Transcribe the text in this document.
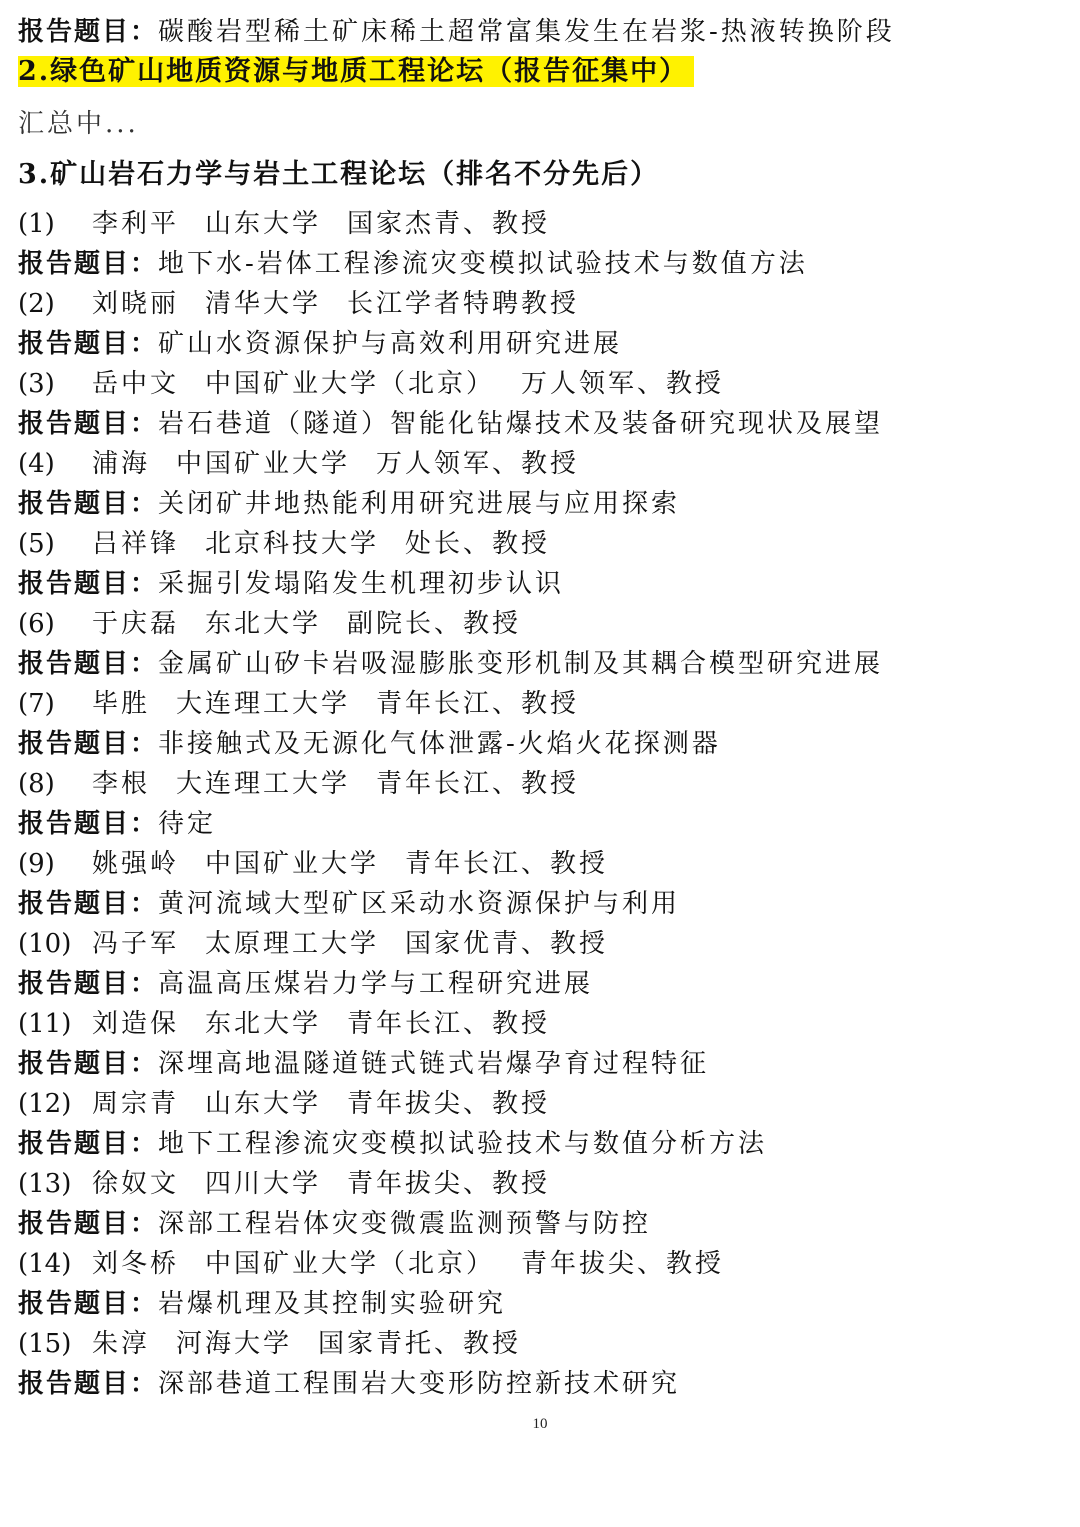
报告题目：碳酸岩型稀土矿床稀土超常富集发生在岩浆-热液转换阶段
2.绿色矿山地质资源与地质工程论坛（报告征集中）
汇总中...
3.矿山岩石力学与岩土工程论坛（排名不分先后）
(1) 李利平 山东大学 国家杰青、教授
报告题目：地下水-岩体工程渗流灾变模拟试验技术与数值方法
(2) 刘晓丽 清华大学 长江学者特聘教授
报告题目：矿山水资源保护与高效利用研究进展
(3) 岳中文 中国矿业大学（北京） 万人领军、教授
报告题目：岩石巷道（隧道）智能化钻爆技术及装备研究现状及展望
(4) 浦海 中国矿业大学 万人领军、教授
报告题目：关闭矿井地热能利用研究进展与应用探索
(5) 吕祥锋 北京科技大学 处长、教授
报告题目：采掘引发塌陷发生机理初步认识
(6) 于庆磊 东北大学 副院长、教授
报告题目：金属矿山矽卡岩吸湿膨胀变形机制及其耦合模型研究进展
(7) 毕胜 大连理工大学 青年长江、教授
报告题目：非接触式及无源化气体泄露-火焰火花探测器
(8) 李根 大连理工大学 青年长江、教授
报告题目：待定
(9) 姚强岭 中国矿业大学 青年长江、教授
报告题目：黄河流域大型矿区采动水资源保护与利用
(10) 冯子军 太原理工大学 国家优青、教授
报告题目：高温高压煤岩力学与工程研究进展
(11) 刘造保 东北大学 青年长江、教授
报告题目：深埋高地温隧道链式链式岩爆孕育过程特征
(12) 周宗青 山东大学 青年拔尖、教授
报告题目：地下工程渗流灾变模拟试验技术与数值分析方法
(13) 徐奴文 四川大学 青年拔尖、教授
报告题目：深部工程岩体灾变微震监测预警与防控
(14) 刘冬桥 中国矿业大学（北京） 青年拔尖、教授
报告题目：岩爆机理及其控制实验研究
(15) 朱淳 河海大学 国家青托、教授
报告题目：深部巷道工程围岩大变形防控新技术研究
10
